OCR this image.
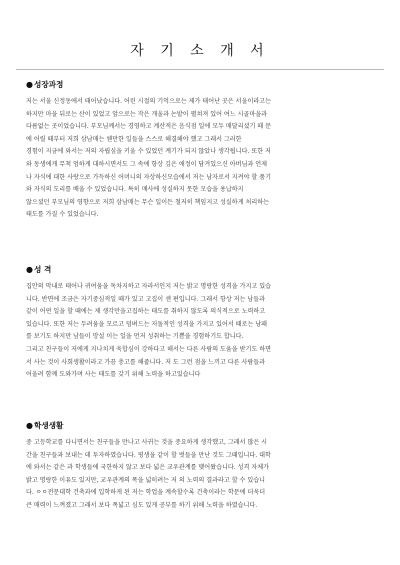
자 기 소 개 서
●성장과정
저는 서울 신정동에서 태어났습니다. 어린 시절의 기억으로는 제가 태어난 곳은 서울이라고는
하지만 마을 뒤로는 산이 있었고 앞으로는 작은 개울과 논밭이 펼쳐져 있어 여느 시골마을과
다름없는 곳이었습니다. 부모님께서는 경영하고 계산적은 음식점 일에 모두 매달리셨기 때 문
에 어릴 때부터 저희 삼남매는 웬만한 일들을 스스로 해결해야 했고 그래서 그러한
경험이 지금에 와서는 저의 자립심을 키울 수 있었던 계기가 되지 않았나 생각됩니다. 또한 저
와 동생에게 무척 엄하게 대하시면서도 그 속에 항상 깊은 애정이 담겨있으신 아버님과 언제
나 자식에 대한 사랑으로 가득하신 어머니의 자상하신모습에서 저는 남자로서 지켜야 할 품기
와 자식의 도리를 배울 수 있었습니다. 특히 매사에 성실하지 못한 모습을 용납하지
않으셨던 부모님의 영향으로 저희 삼남매는 무슨 일이든 철저히 책임지고 성실하게 처리하는
태도를 가질 수 있었습니다.
●성 격
집안의 막내로 태어나 귀여움을 독차지하고 자라서인지 저는 밝고 명랑한 성격을 가지고 있습
니다. 반면에 조금은 자기중심적일 때가 있고 고집이 센 편입니다. 그래서 항상 저는 남들과
같이 어떤 일을 할 때에는 제 생각만을고집하는 태도를 취하지 않도록 의식적으로 노력하고
있습니다. 또한 저는 두려움을 모르고 덤벼드는 저돌적인 성격을 가지고 있어서 때로는 낭패
를 보기도 하지만 남들이 망설 이는 일을 먼저 성취하는 기쁨을 경험하기도 합니다.
그리고 친구들이 저에게 지나치게 욱합심이 강하다고 해서는 다른 사람의 도움을 받기도 하면
서 사는 것이 사회생활이라고 가끔 충고를 해줍니다. 저 도 그런 점을 느끼고 다른 사람들과
어울려 함께 도와가며 사는 태도를 갖기 위해 노력을 하고있습니다
●학생생활
중 고등학교를 다니면서는 친구들을 만나고 사귀는 것을 중요하게 생각했고, 그래서 많은 시
간을 친구들과 보내는 데 투자하였습니다. 평생을 같이 할 벗들을 만난 것도 그때입니다. 대학
에 와서는 같은 과 학생들에 국한하지 않고 보다 넓은 교우관계를 맺어왔습니다. 성격 자체가
밝고 명랑한 이유도 있지만, 교우관계의 폭을 넓히려는 저 의 노력의 결과라고 할 수 있습니
다. ㅇㅇ전문대학 건축과에 입학하게 된 저는 학업을 계속할수록 건축이라는 학문에 더욱더
큰 매력이 느껴졌고 그래서 보다 폭넓고 심도 있게 공부를 하기 위해 노력을 하였습니다.
